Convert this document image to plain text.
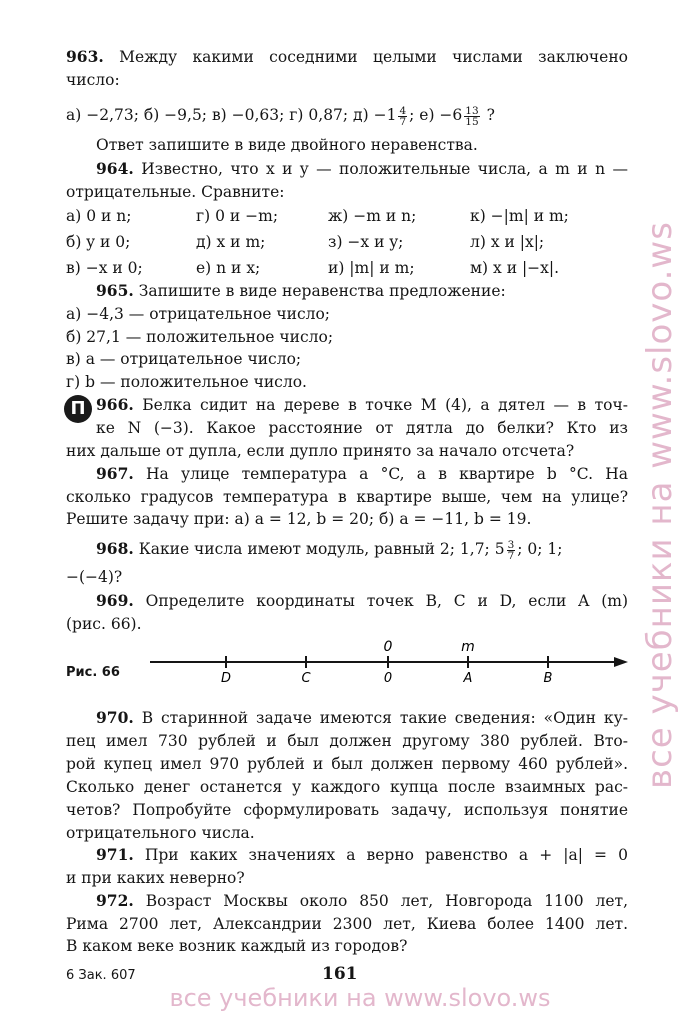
963. Между какими соседними целыми числами заключено
число:
а) −2,73; б) −9,5; в) −0,63; г) 0,87; $д) -1 \frac{4}{7}$ ; $е) -6 \frac{13}{15}$ ?
Ответ запишите в виде двойного неравенства.
964. Известно, что x и y — положительные числа, а m и n —
отрицательные. Сравните:
а) 0 и n;	г) 0 и −m;	ж) −m и n;	к) −|m| и m;
б) y и 0;	д) x и m;	з) −x и y;	л) x и |x|;
в) −x и 0;	е) n и x;	и) |m| и m;	м) x и |−x|.
965. Запишите в виде неравенства предложение:
а) −4,3 — отрицательное число;
б) 27,1 — положительное число;
в) a — отрицательное число;
г) b — положительное число.
П 966. Белка сидит на дереве в точке M (4), а дятел — в точ-
ке N (−3). Какое расстояние от дятла до белки? Кто из
них дальше от дупла, если дупло принято за начало отсчета?
967. На улице температура a °C, а в квартире b °C. На
сколько градусов температура в квартире выше, чем на улице?
Решите задачу при: а) a = 12, b = 20; б) a = −11, b = 19.
968. Какие числа имеют модуль, равный 2; 1,7; $5 \frac{3}{7}$ ; 0; 1;
−(−4)?
969. Определите координаты точек B, C и D, если A (m)
(рис. 66).
Рис. 66
0	m
D	C	0	A	B
970. В старинной задаче имеются такие сведения: «Один ку-
пец имел 730 рублей и был должен другому 380 рублей. Вто-
рой купец имел 970 рублей и был должен первому 460 рублей».
Сколько денег останется у каждого купца после взаимных рас-
четов? Попробуйте сформулировать задачу, используя понятие
отрицательного числа.
971. При каких значениях a верно равенство a + |a| = 0
и при каких неверно?
972. Возраст Москвы около 850 лет, Новгорода 1100 лет,
Рима 2700 лет, Александрии 2300 лет, Киева более 1400 лет.
В каком веке возник каждый из городов?
6 Зак. 607	161
все учебники на www.slovo.ws
все учебники на www.slovo.ws
